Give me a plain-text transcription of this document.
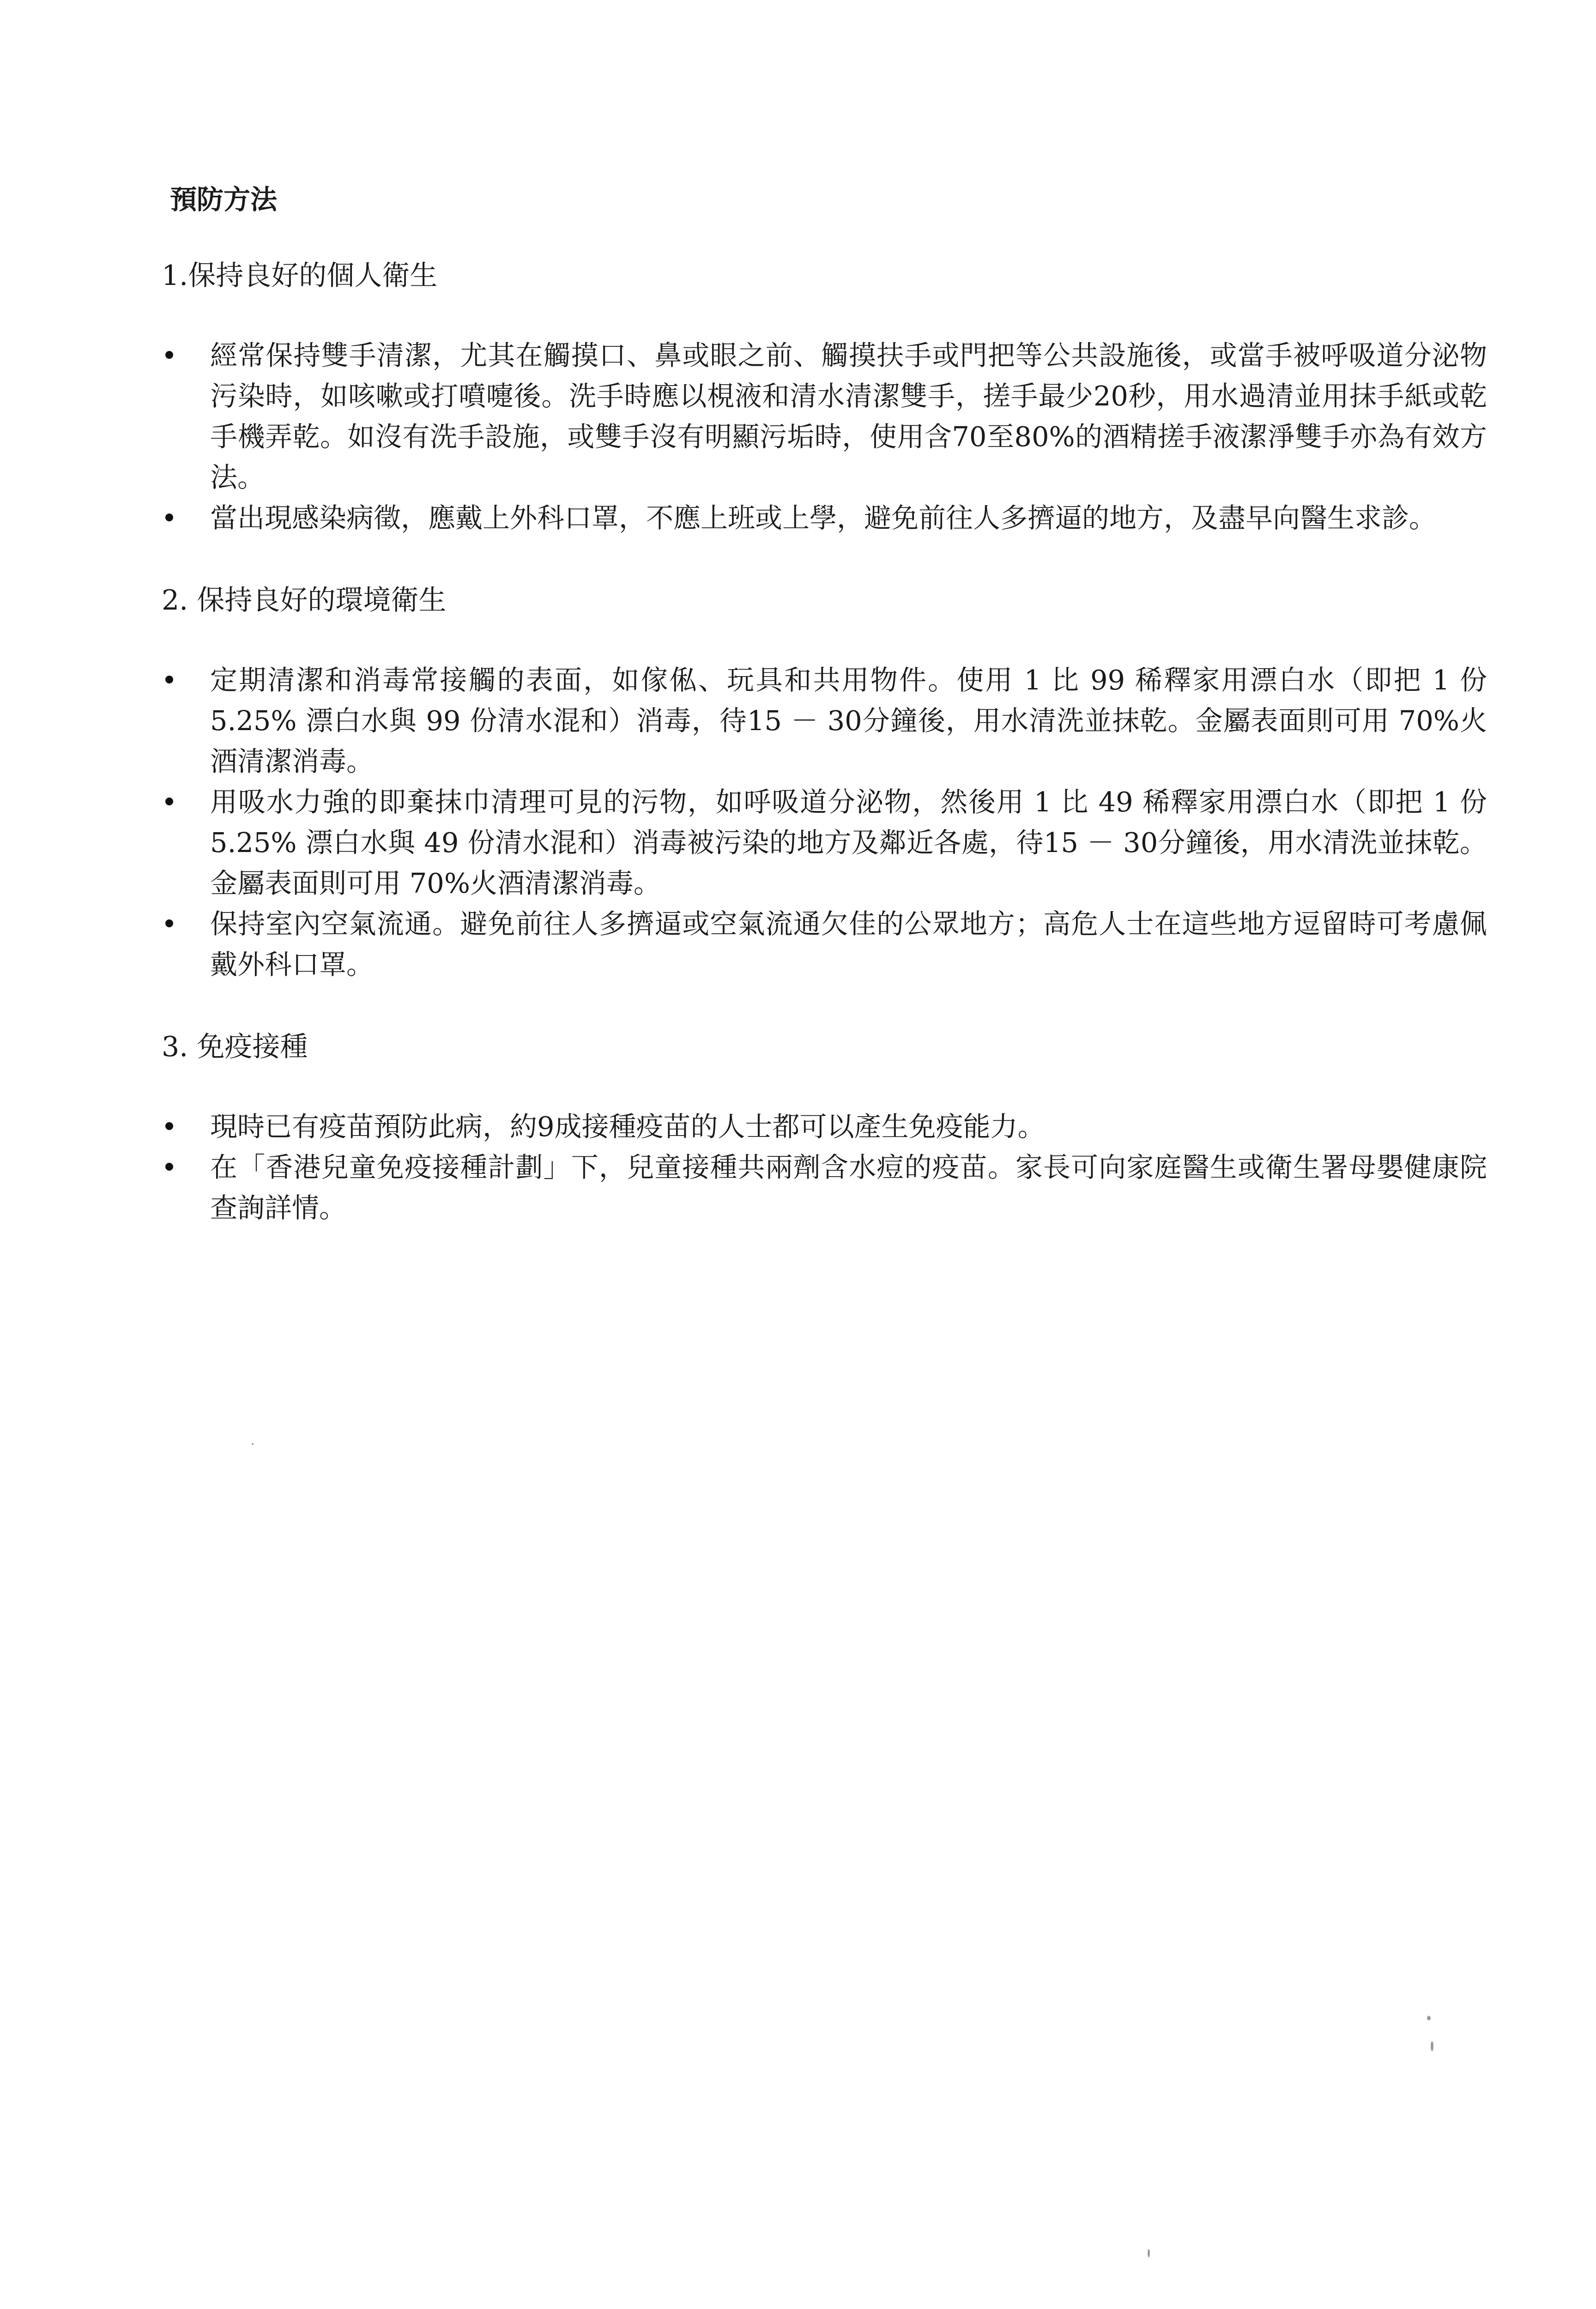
預防方法
1.保持良好的個人衛生
經常保持雙手清潔，尤其在觸摸口、鼻或眼之前、觸摸扶手或門把等公共設施後，或當手被呼吸道分泌物污染時，如咳嗽或打噴嚏後。洗手時應以梘液和清水清潔雙手，搓手最少20秒，用水過清並用抹手紙或乾手機弄乾。如沒有洗手設施，或雙手沒有明顯污垢時，使用含70至80%的酒精搓手液潔淨雙手亦為有效方法。
當出現感染病徵，應戴上外科口罩，不應上班或上學，避免前往人多擠逼的地方，及盡早向醫生求診。
2. 保持良好的環境衛生
定期清潔和消毒常接觸的表面，如傢俬、玩具和共用物件。使用 1 比 99 稀釋家用漂白水（即把 1 份 5.25% 漂白水與 99 份清水混和）消毒，待15 － 30分鐘後，用水清洗並抹乾。金屬表面則可用 70%火酒清潔消毒。
用吸水力強的即棄抹巾清理可見的污物，如呼吸道分泌物，然後用 1 比 49 稀釋家用漂白水（即把 1 份 5.25% 漂白水與 49 份清水混和）消毒被污染的地方及鄰近各處，待15 － 30分鐘後，用水清洗並抹乾。金屬表面則可用 70%火酒清潔消毒。
保持室內空氣流通。避免前往人多擠逼或空氣流通欠佳的公眾地方；高危人士在這些地方逗留時可考慮佩戴外科口罩。
3. 免疫接種
現時已有疫苗預防此病，約9成接種疫苗的人士都可以產生免疫能力。
在「香港兒童免疫接種計劃」下，兒童接種共兩劑含水痘的疫苗。家長可向家庭醫生或衛生署母嬰健康院查詢詳情。
